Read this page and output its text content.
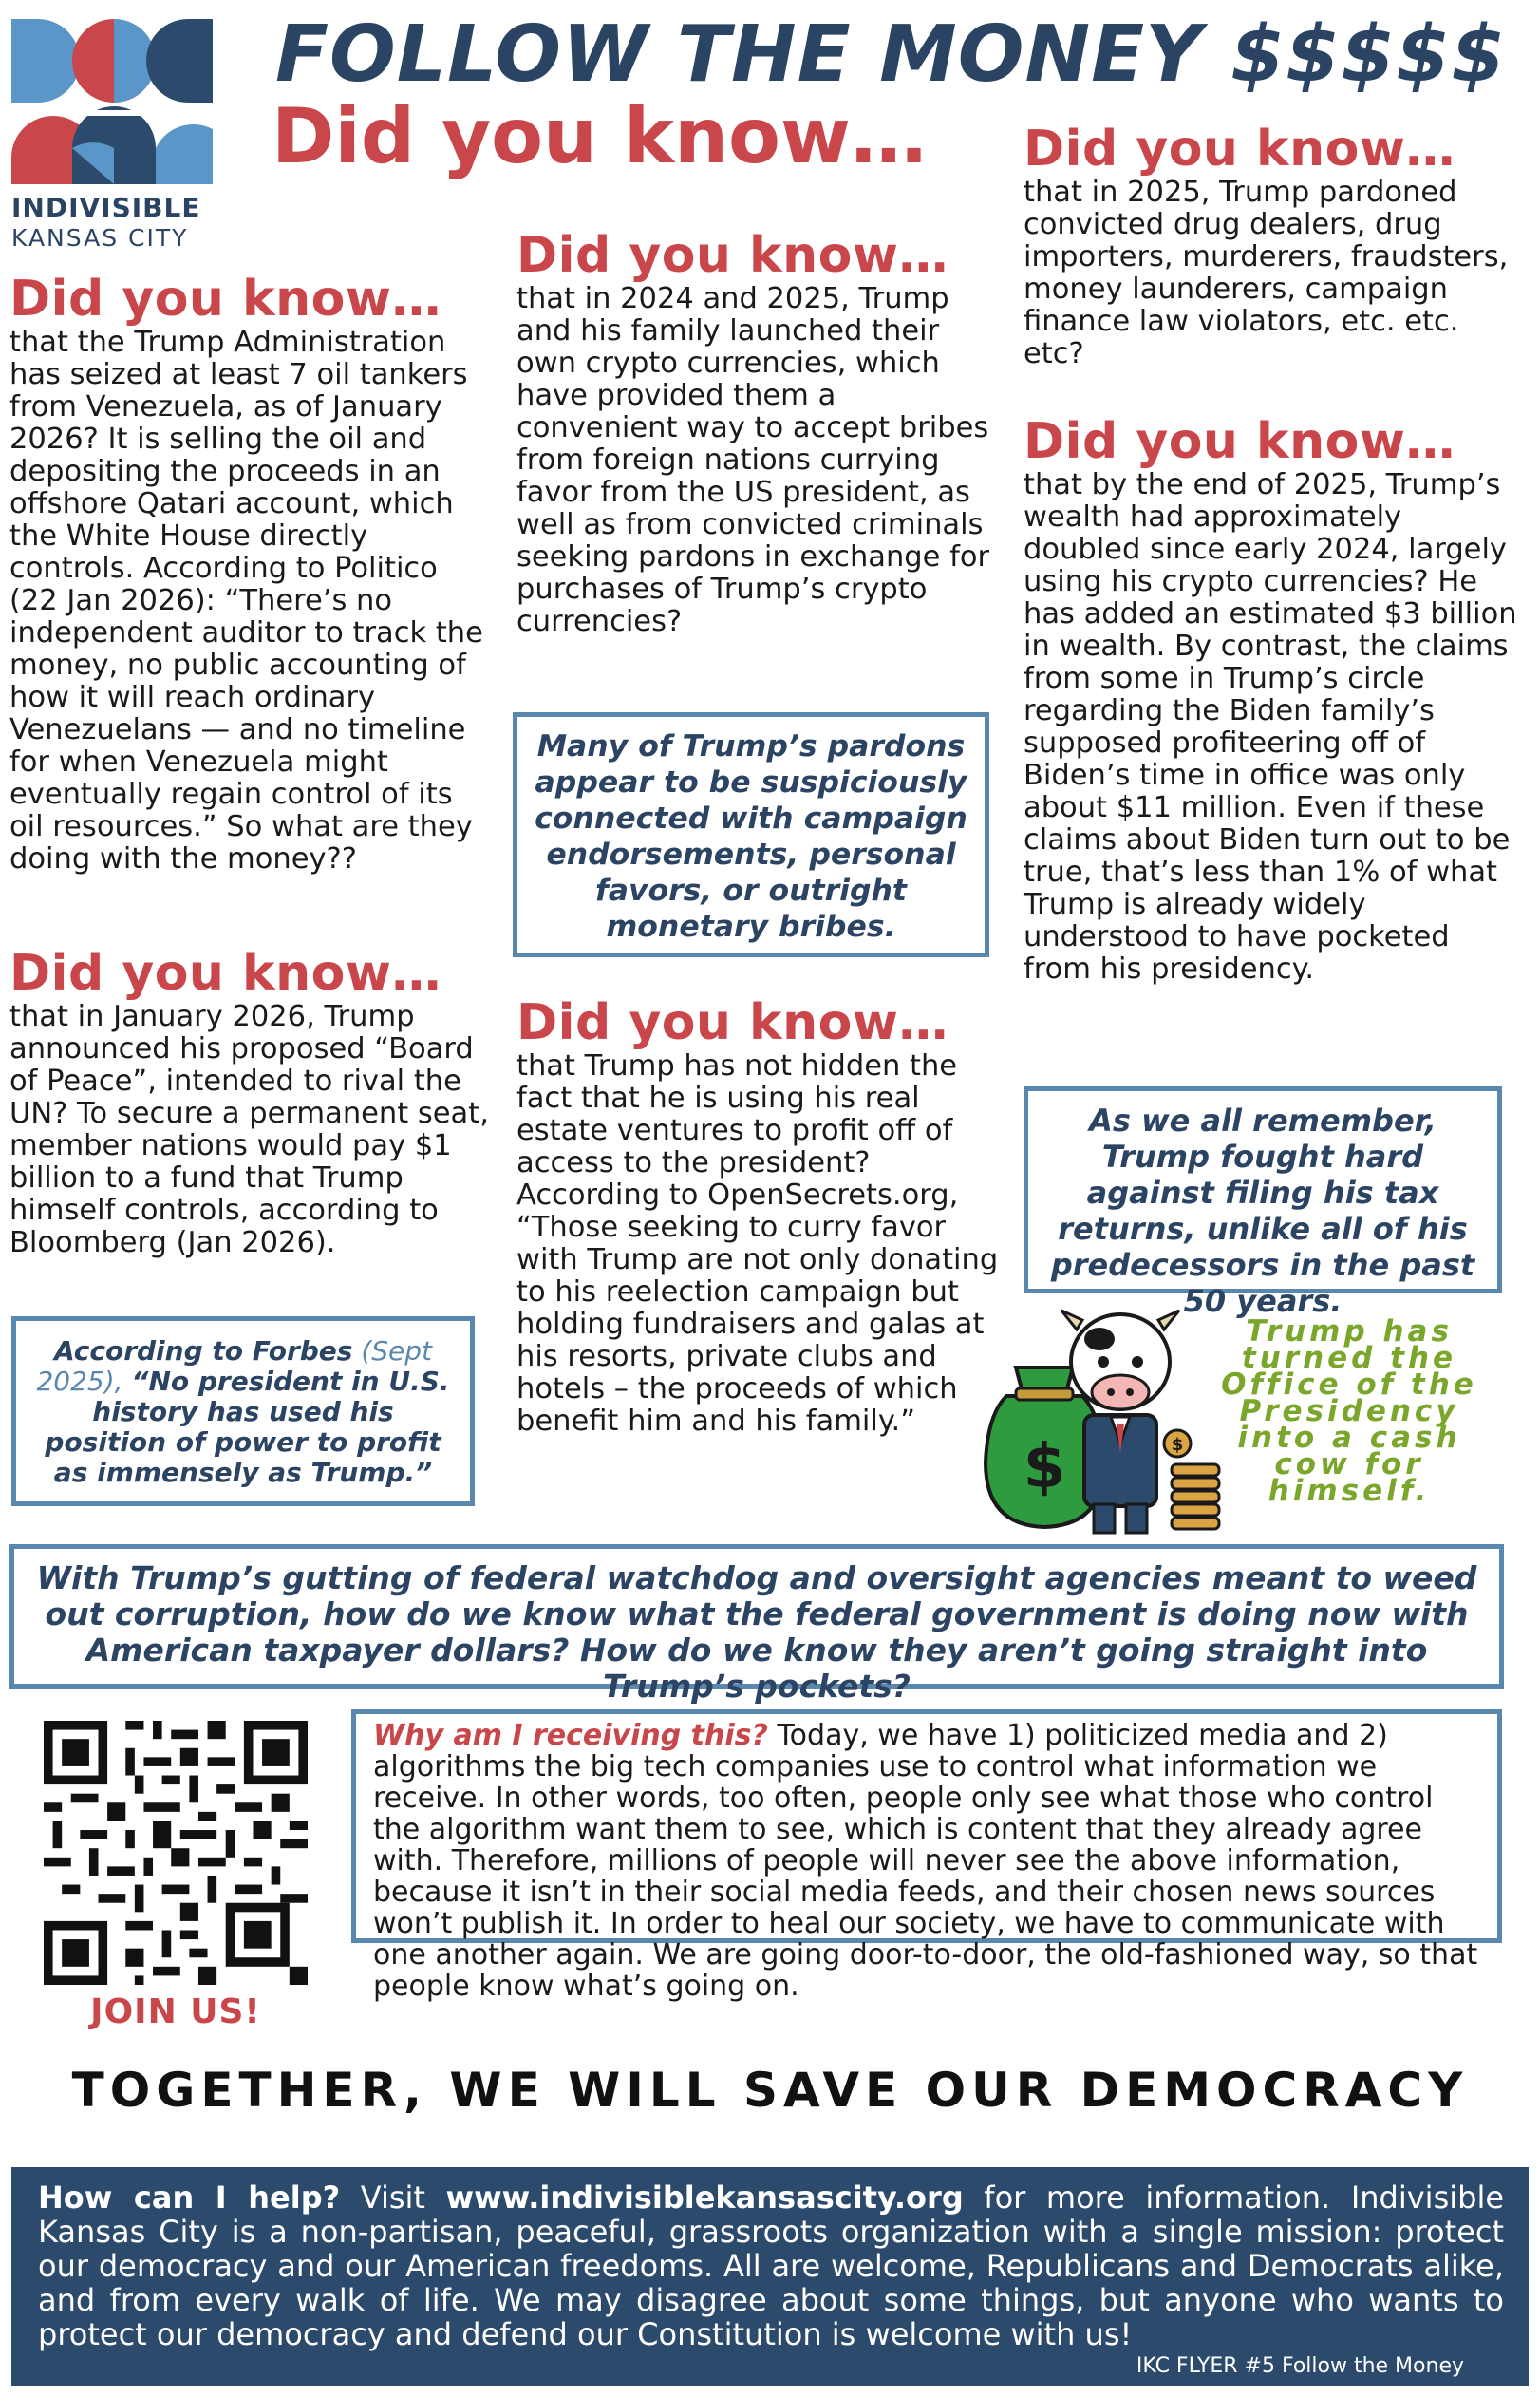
INDIVISIBLE
KANSAS CITY
FOLLOW THE MONEY $$$$$
Did you know…
Did you know…

that the Trump Administration has seized at least 7 oil tankers from Venezuela, as of January 2026? It is selling the oil and depositing the proceeds in an offshore Qatari account, which the White House directly controls. According to Politico (22 Jan 2026): “There’s no independent auditor to track the money, no public accounting of how it will reach ordinary Venezuelans — and no timeline for when Venezuela might eventually regain control of its oil resources.” So what are they doing with the money??

Did you know…

that in January 2026, Trump announced his proposed “Board of Peace”, intended to rival the UN? To secure a permanent seat, member nations would pay $1 billion to a fund that Trump himself controls, according to Bloomberg (Jan 2026).

According to Forbes (Sept 2025), “No president in U.S. history has used his position of power to profit as immensely as Trump.”
Did you know…

that in 2024 and 2025, Trump and his family launched their own crypto currencies, which have provided them a convenient way to accept bribes from foreign nations currying favor from the US president, as well as from convicted criminals seeking pardons in exchange for purchases of Trump’s crypto currencies?

Many of Trump’s pardons appear to be suspiciously connected with campaign endorsements, personal favors, or outright monetary bribes.
Did you know…

that Trump has not hidden the fact that he is using his real estate ventures to profit off of access to the president? According to OpenSecrets.org, “Those seeking to curry favor with Trump are not only donating to his reelection campaign but holding fundraisers and galas at his resorts, private clubs and hotels – the proceeds of which benefit him and his family.”

Did you know…

that in 2025, Trump pardoned convicted drug dealers, drug importers, murderers, fraudsters, money launderers, campaign finance law violators, etc. etc. etc?

Did you know…

that by the end of 2025, Trump’s wealth had approximately doubled since early 2024, largely using his crypto currencies? He has added an estimated $3 billion in wealth. By contrast, the claims from some in Trump’s circle regarding the Biden family’s supposed profiteering off of Biden’s time in office was only about $11 million. Even if these claims about Biden turn out to be true, that’s less than 1% of what Trump is already widely understood to have pocketed from his presidency.

As we all remember, Trump fought hard against filing his tax returns, unlike all of his predecessors in the past 50 years.
$	$
Trump has turned the Office of the Presidency into a cash cow for himself.
With Trump’s gutting of federal watchdog and oversight agencies meant to weed out corruption, how do we know what the federal government is doing now with American taxpayer dollars? How do we know they aren’t going straight into Trump’s pockets?
JOIN US!
Why am I receiving this? Today, we have 1) politicized media and 2) algorithms the big tech companies use to control what information we receive. In other words, too often, people only see what those who control the algorithm want them to see, which is content that they already agree with. Therefore, millions of people will never see the above information, because it isn’t in their social media feeds, and their chosen news sources won’t publish it. In order to heal our society, we have to communicate with one another again. We are going door-to-door, the old-fashioned way, so that people know what’s going on.
TOGETHER, WE WILL SAVE OUR DEMOCRACY
How can I help? Visit www.indivisiblekansascity.org for more information. Indivisible Kansas City is a non-partisan, peaceful, grassroots organization with a single mission: protect our democracy and our American freedoms. All are welcome, Republicans and Democrats alike, and from every walk of life. We may disagree about some things, but anyone who wants to protect our democracy and defend our Constitution is welcome with us!
IKC FLYER #5 Follow the Money
